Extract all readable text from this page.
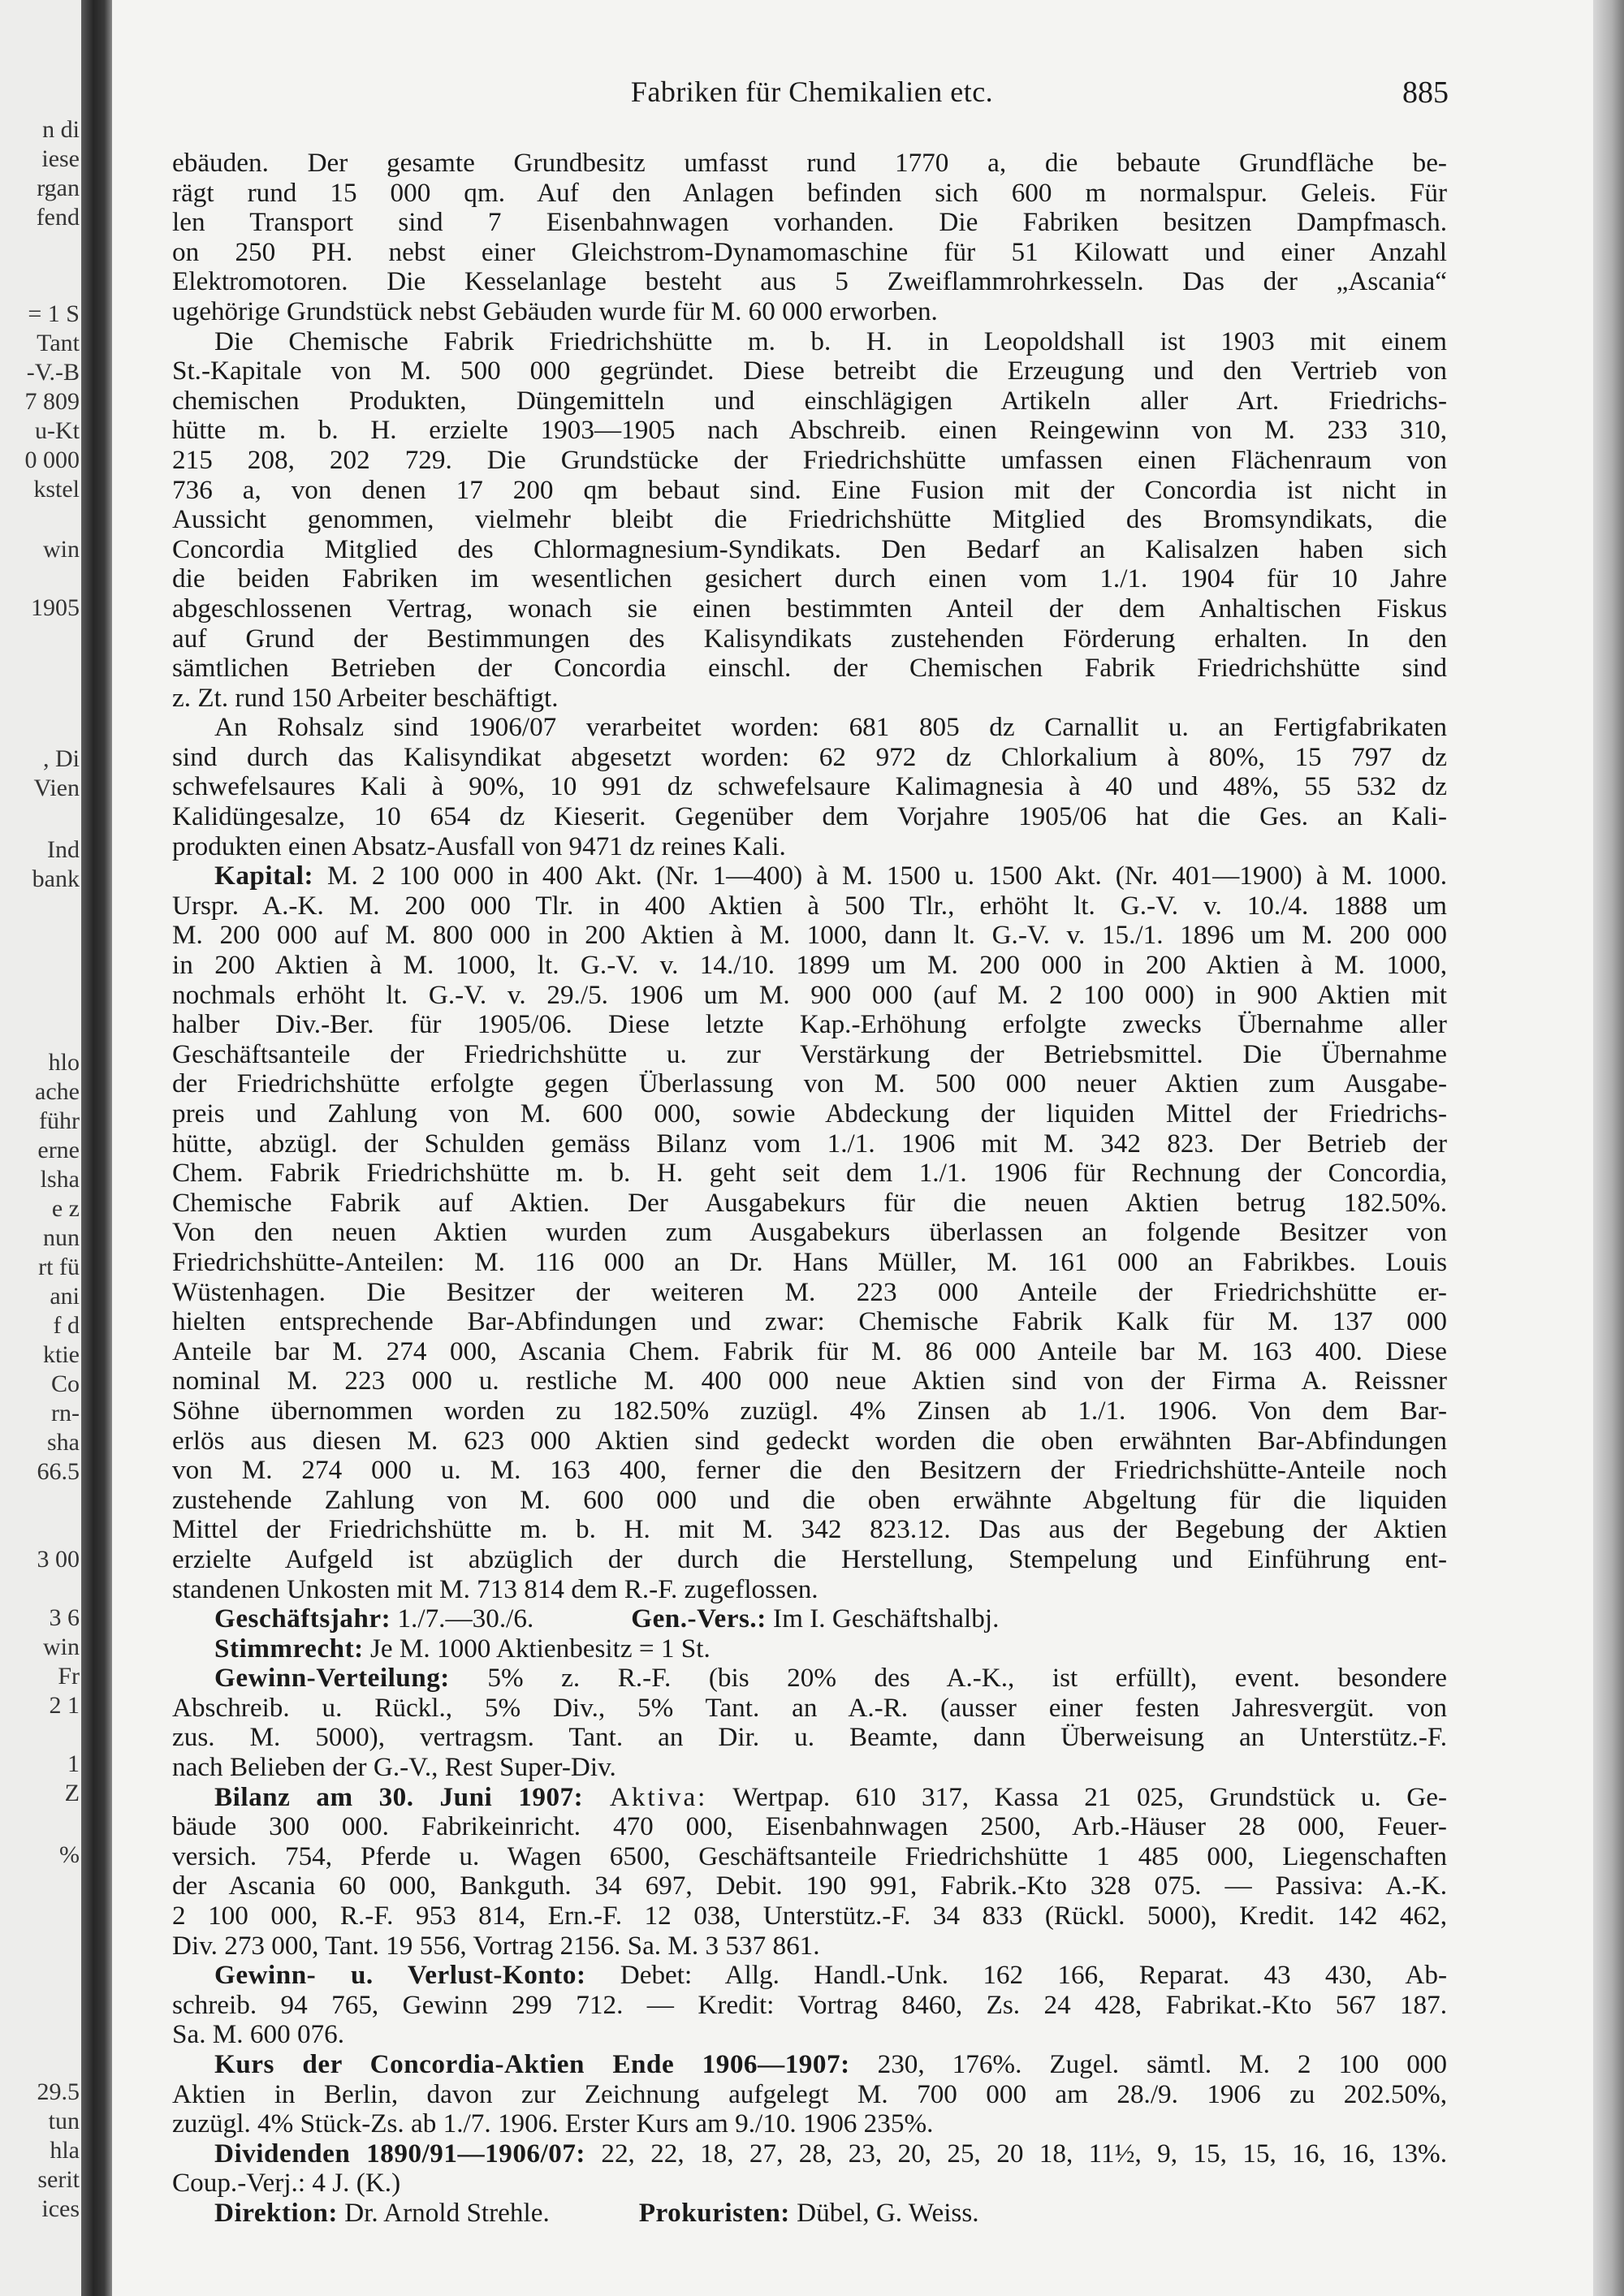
n di
iese
rgan
fend
= 1 S
Tant
-V.-B
7 809
u-Kt
0 000
kstel
win
1905
, Di
Vien
Ind
bank
hlo
ache
führ
erne
lsha
e z
nun
rt fü
ani
f d
ktie
Co
rn-
sha
66.5
3 00
3 6
win
Fr
2 1
1
Z
%
29.5
tun
hla
serit
ices
Fabriken für Chemikalien etc.	885
ebäuden. Der gesamte Grundbesitz umfasst rund 1770 a, die bebaute Grundfläche be-
rägt rund 15 000 qm. Auf den Anlagen befinden sich 600 m normalspur. Geleis. Für
len Transport sind 7 Eisenbahnwagen vorhanden. Die Fabriken besitzen Dampfmasch.
on 250 PH. nebst einer Gleichstrom-Dynamomaschine für 51 Kilowatt und einer Anzahl
Elektromotoren. Die Kesselanlage besteht aus 5 Zweiflammrohrkesseln. Das der „Ascania“
ugehörige Grundstück nebst Gebäuden wurde für M. 60 000 erworben.
Die Chemische Fabrik Friedrichshütte m. b. H. in Leopoldshall ist 1903 mit einem
St.-Kapitale von M. 500 000 gegründet. Diese betreibt die Erzeugung und den Vertrieb von
chemischen Produkten, Düngemitteln und einschlägigen Artikeln aller Art. Friedrichs-
hütte m. b. H. erzielte 1903—1905 nach Abschreib. einen Reingewinn von M. 233 310,
215 208, 202 729. Die Grundstücke der Friedrichshütte umfassen einen Flächenraum von
736 a, von denen 17 200 qm bebaut sind. Eine Fusion mit der Concordia ist nicht in
Aussicht genommen, vielmehr bleibt die Friedrichshütte Mitglied des Bromsyndikats, die
Concordia Mitglied des Chlormagnesium-Syndikats. Den Bedarf an Kalisalzen haben sich
die beiden Fabriken im wesentlichen gesichert durch einen vom 1./1. 1904 für 10 Jahre
abgeschlossenen Vertrag, wonach sie einen bestimmten Anteil der dem Anhaltischen Fiskus
auf Grund der Bestimmungen des Kalisyndikats zustehenden Förderung erhalten. In den
sämtlichen Betrieben der Concordia einschl. der Chemischen Fabrik Friedrichshütte sind
z. Zt. rund 150 Arbeiter beschäftigt.
An Rohsalz sind 1906/07 verarbeitet worden: 681 805 dz Carnallit u. an Fertigfabrikaten
sind durch das Kalisyndikat abgesetzt worden: 62 972 dz Chlorkalium à 80%, 15 797 dz
schwefelsaures Kali à 90%, 10 991 dz schwefelsaure Kalimagnesia à 40 und 48%, 55 532 dz
Kalidüngesalze, 10 654 dz Kieserit. Gegenüber dem Vorjahre 1905/06 hat die Ges. an Kali-
produkten einen Absatz-Ausfall von 9471 dz reines Kali.
Kapital: M. 2 100 000 in 400 Akt. (Nr. 1—400) à M. 1500 u. 1500 Akt. (Nr. 401—1900) à M. 1000.
Urspr. A.-K. M. 200 000 Tlr. in 400 Aktien à 500 Tlr., erhöht lt. G.-V. v. 10./4. 1888 um
M. 200 000 auf M. 800 000 in 200 Aktien à M. 1000, dann lt. G.-V. v. 15./1. 1896 um M. 200 000
in 200 Aktien à M. 1000, lt. G.-V. v. 14./10. 1899 um M. 200 000 in 200 Aktien à M. 1000,
nochmals erhöht lt. G.-V. v. 29./5. 1906 um M. 900 000 (auf M. 2 100 000) in 900 Aktien mit
halber Div.-Ber. für 1905/06. Diese letzte Kap.-Erhöhung erfolgte zwecks Übernahme aller
Geschäftsanteile der Friedrichshütte u. zur Verstärkung der Betriebsmittel. Die Übernahme
der Friedrichshütte erfolgte gegen Überlassung von M. 500 000 neuer Aktien zum Ausgabe-
preis und Zahlung von M. 600 000, sowie Abdeckung der liquiden Mittel der Friedrichs-
hütte, abzügl. der Schulden gemäss Bilanz vom 1./1. 1906 mit M. 342 823. Der Betrieb der
Chem. Fabrik Friedrichshütte m. b. H. geht seit dem 1./1. 1906 für Rechnung der Concordia,
Chemische Fabrik auf Aktien. Der Ausgabekurs für die neuen Aktien betrug 182.50%.
Von den neuen Aktien wurden zum Ausgabekurs überlassen an folgende Besitzer von
Friedrichshütte-Anteilen: M. 116 000 an Dr. Hans Müller, M. 161 000 an Fabrikbes. Louis
Wüstenhagen. Die Besitzer der weiteren M. 223 000 Anteile der Friedrichshütte er-
hielten entsprechende Bar-Abfindungen und zwar: Chemische Fabrik Kalk für M. 137 000
Anteile bar M. 274 000, Ascania Chem. Fabrik für M. 86 000 Anteile bar M. 163 400. Diese
nominal M. 223 000 u. restliche M. 400 000 neue Aktien sind von der Firma A. Reissner
Söhne übernommen worden zu 182.50% zuzügl. 4% Zinsen ab 1./1. 1906. Von dem Bar-
erlös aus diesen M. 623 000 Aktien sind gedeckt worden die oben erwähnten Bar-Abfindungen
von M. 274 000 u. M. 163 400, ferner die den Besitzern der Friedrichshütte-Anteile noch
zustehende Zahlung von M. 600 000 und die oben erwähnte Abgeltung für die liquiden
Mittel der Friedrichshütte m. b. H. mit M. 342 823.12. Das aus der Begebung der Aktien
erzielte Aufgeld ist abzüglich der durch die Herstellung, Stempelung und Einführung ent-
standenen Unkosten mit M. 713 814 dem R.-F. zugeflossen.
Geschäftsjahr: 1./7.—30./6.	Gen.-Vers.: Im I. Geschäftshalbj.
Stimmrecht: Je M. 1000 Aktienbesitz = 1 St.
Gewinn-Verteilung: 5% z. R.-F. (bis 20% des A.-K., ist erfüllt), event. besondere
Abschreib. u. Rückl., 5% Div., 5% Tant. an A.-R. (ausser einer festen Jahresvergüt. von
zus. M. 5000), vertragsm. Tant. an Dir. u. Beamte, dann Überweisung an Unterstütz.-F.
nach Belieben der G.-V., Rest Super-Div.
Bilanz am 30. Juni 1907: Aktiva: Wertpap. 610 317, Kassa 21 025, Grundstück u. Ge-
bäude 300 000. Fabrikeinricht. 470 000, Eisenbahnwagen 2500, Arb.-Häuser 28 000, Feuer-
versich. 754, Pferde u. Wagen 6500, Geschäftsanteile Friedrichshütte 1 485 000, Liegenschaften
der Ascania 60 000, Bankguth. 34 697, Debit. 190 991, Fabrik.-Kto 328 075. — Passiva: A.-K.
2 100 000, R.-F. 953 814, Ern.-F. 12 038, Unterstütz.-F. 34 833 (Rückl. 5000), Kredit. 142 462,
Div. 273 000, Tant. 19 556, Vortrag 2156. Sa. M. 3 537 861.
Gewinn- u. Verlust-Konto: Debet: Allg. Handl.-Unk. 162 166, Reparat. 43 430, Ab-
schreib. 94 765, Gewinn 299 712. — Kredit: Vortrag 8460, Zs. 24 428, Fabrikat.-Kto 567 187.
Sa. M. 600 076.
Kurs der Concordia-Aktien Ende 1906—1907: 230, 176%. Zugel. sämtl. M. 2 100 000
Aktien in Berlin, davon zur Zeichnung aufgelegt M. 700 000 am 28./9. 1906 zu 202.50%,
zuzügl. 4% Stück-Zs. ab 1./7. 1906. Erster Kurs am 9./10. 1906 235%.
Dividenden 1890/91—1906/07: 22, 22, 18, 27, 28, 23, 20, 25, 20 18, 11½, 9, 15, 15, 16, 16, 13%.
Coup.-Verj.: 4 J. (K.)
Direktion: Dr. Arnold Strehle.	Prokuristen: Dübel, G. Weiss.
